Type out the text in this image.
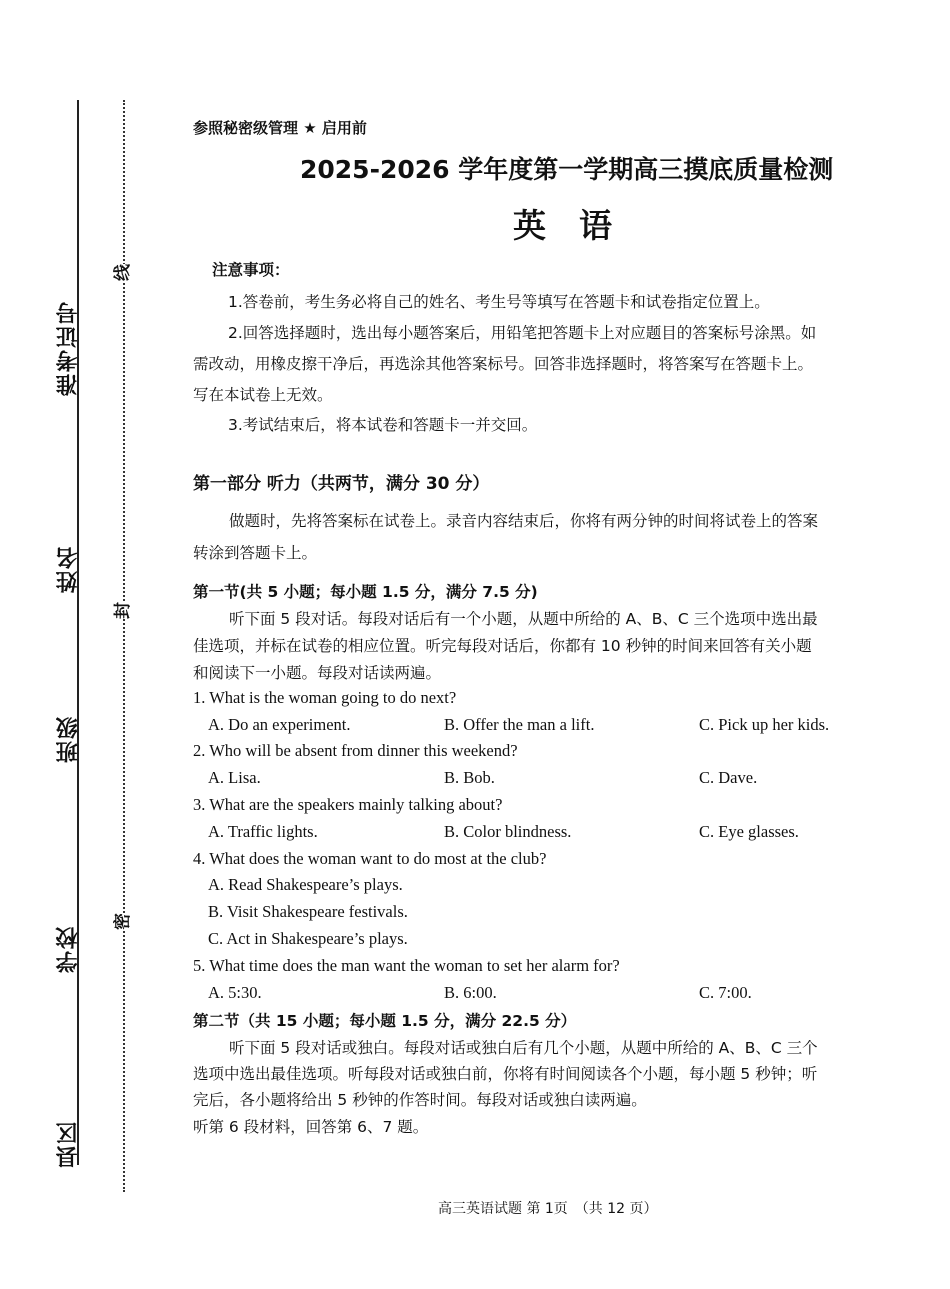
准考证号
姓名
班级
学校
县区
线
封
密
参照秘密级管理 ★ 启用前
2025-2026 学年度第一学期高三摸底质量检测
英　语
注意事项：
1.答卷前，考生务必将自己的姓名、考生号等填写在答题卡和试卷指定位置上。
2.回答选择题时，选出每小题答案后，用铅笔把答题卡上对应题目的答案标号涂黑。如
需改动，用橡皮擦干净后，再选涂其他答案标号。回答非选择题时，将答案写在答题卡上。
写在本试卷上无效。
3.考试结束后，将本试卷和答题卡一并交回。
第一部分 听力（共两节，满分 30 分）
做题时，先将答案标在试卷上。录音内容结束后，你将有两分钟的时间将试卷上的答案
转涂到答题卡上。
第一节(共 5 小题；每小题 1.5 分，满分 7.5 分)
听下面 5 段对话。每段对话后有一个小题，从题中所给的 A、B、C 三个选项中选出最
佳选项，并标在试卷的相应位置。听完每段对话后，你都有 10 秒钟的时间来回答有关小题
和阅读下一小题。每段对话读两遍。
1. What is the woman going to do next?
A. Do an experiment.	B. Offer the man a lift.	C. Pick up her kids.
2. Who will be absent from dinner this weekend?
A. Lisa.	B. Bob.	C. Dave.
3. What are the speakers mainly talking about?
A. Traffic lights.	B. Color blindness.	C. Eye glasses.
4. What does the woman want to do most at the club?
A. Read Shakespeare’s plays.
B. Visit Shakespeare festivals.
C. Act in Shakespeare’s plays.
5. What time does the man want the woman to set her alarm for?
A. 5:30.	B. 6:00.	C. 7:00.
第二节（共 15 小题；每小题 1.5 分，满分 22.5 分）
听下面 5 段对话或独白。每段对话或独白后有几个小题，从题中所给的 A、B、C 三个
选项中选出最佳选项。听每段对话或独白前，你将有时间阅读各个小题，每小题 5 秒钟；听
完后，各小题将给出 5 秒钟的作答时间。每段对话或独白读两遍。
听第 6 段材料，回答第 6、7 题。
高三英语试题 第 1页　（共 12 页）
